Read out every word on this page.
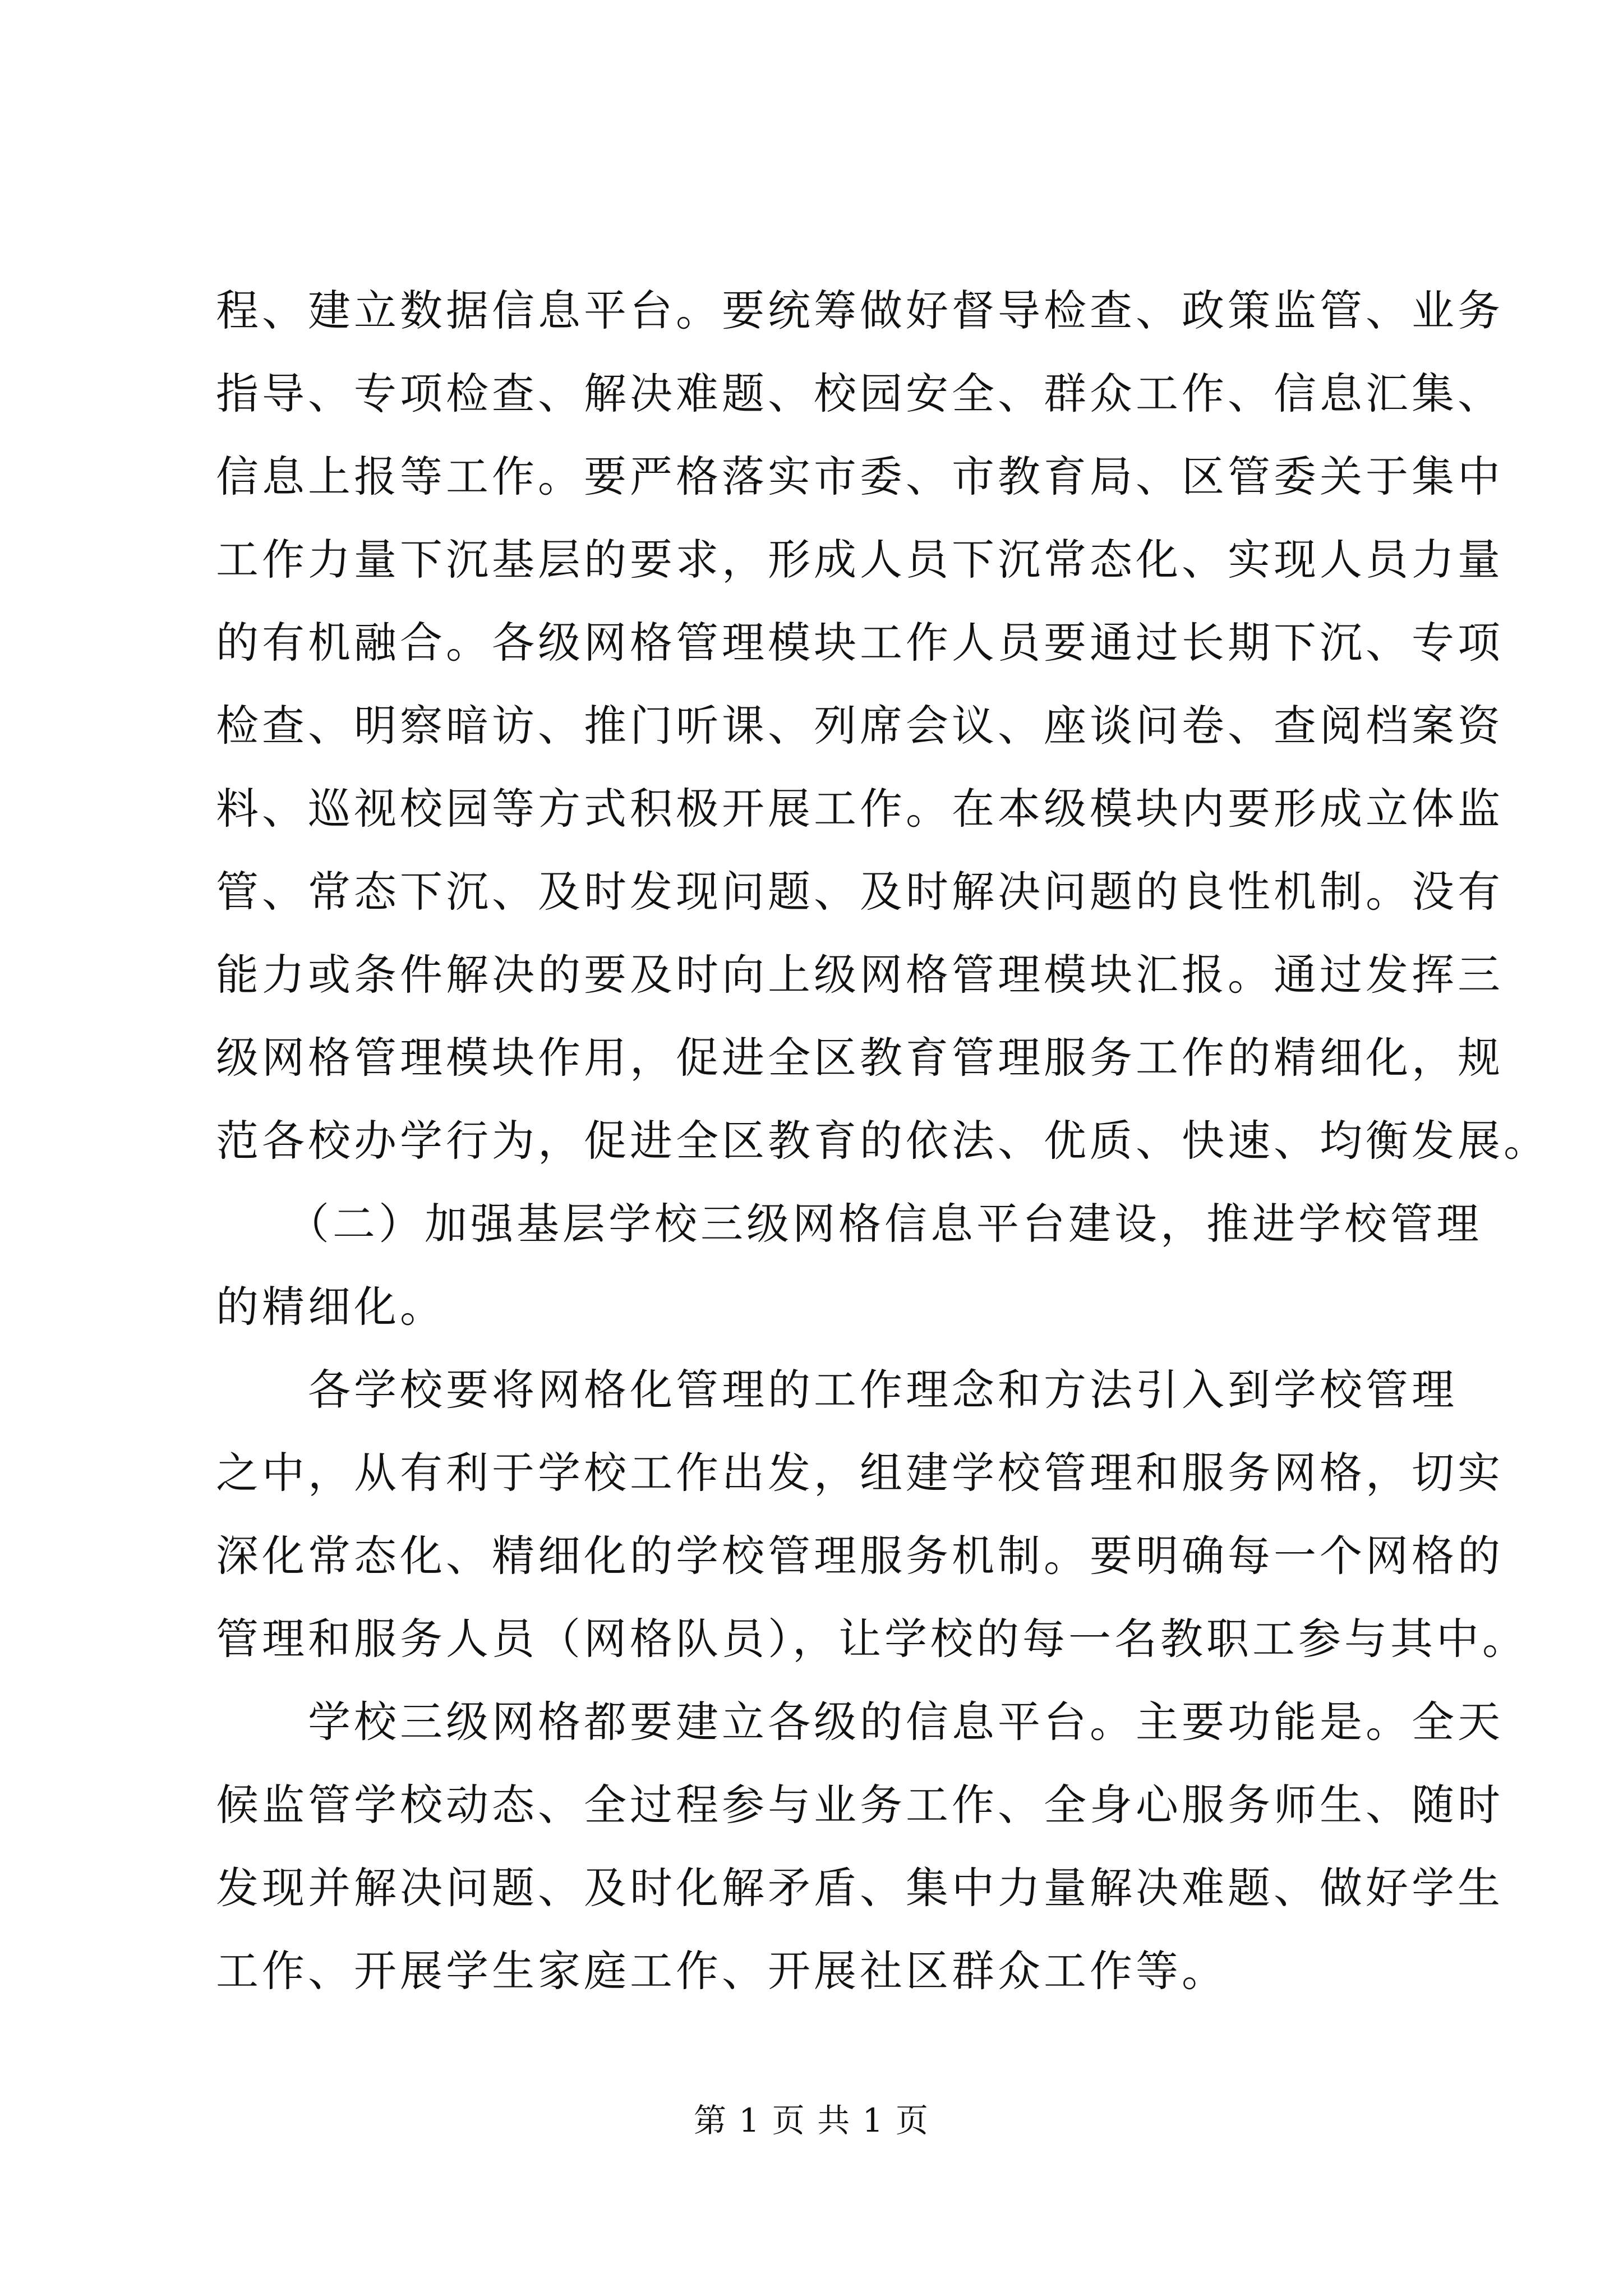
程、建立数据信息平台。要统筹做好督导检查、政策监管、业务
指导、专项检查、解决难题、校园安全、群众工作、信息汇集、
信息上报等工作。要严格落实市委、市教育局、区管委关于集中
工作力量下沉基层的要求，形成人员下沉常态化、实现人员力量
的有机融合。各级网格管理模块工作人员要通过长期下沉、专项
检查、明察暗访、推门听课、列席会议、座谈问卷、查阅档案资
料、巡视校园等方式积极开展工作。在本级模块内要形成立体监
管、常态下沉、及时发现问题、及时解决问题的良性机制。没有
能力或条件解决的要及时向上级网格管理模块汇报。通过发挥三
级网格管理模块作用，促进全区教育管理服务工作的精细化，规
范各校办学行为，促进全区教育的依法、优质、快速、均衡发展。
　　（二）加强基层学校三级网格信息平台建设，推进学校管理
的精细化。
　　各学校要将网格化管理的工作理念和方法引入到学校管理
之中，从有利于学校工作出发，组建学校管理和服务网格，切实
深化常态化、精细化的学校管理服务机制。要明确每一个网格的
管理和服务人员（网格队员），让学校的每一名教职工参与其中。
　　学校三级网格都要建立各级的信息平台。主要功能是。全天
候监管学校动态、全过程参与业务工作、全身心服务师生、随时
发现并解决问题、及时化解矛盾、集中力量解决难题、做好学生
工作、开展学生家庭工作、开展社区群众工作等。
第 1 页 共 1 页
